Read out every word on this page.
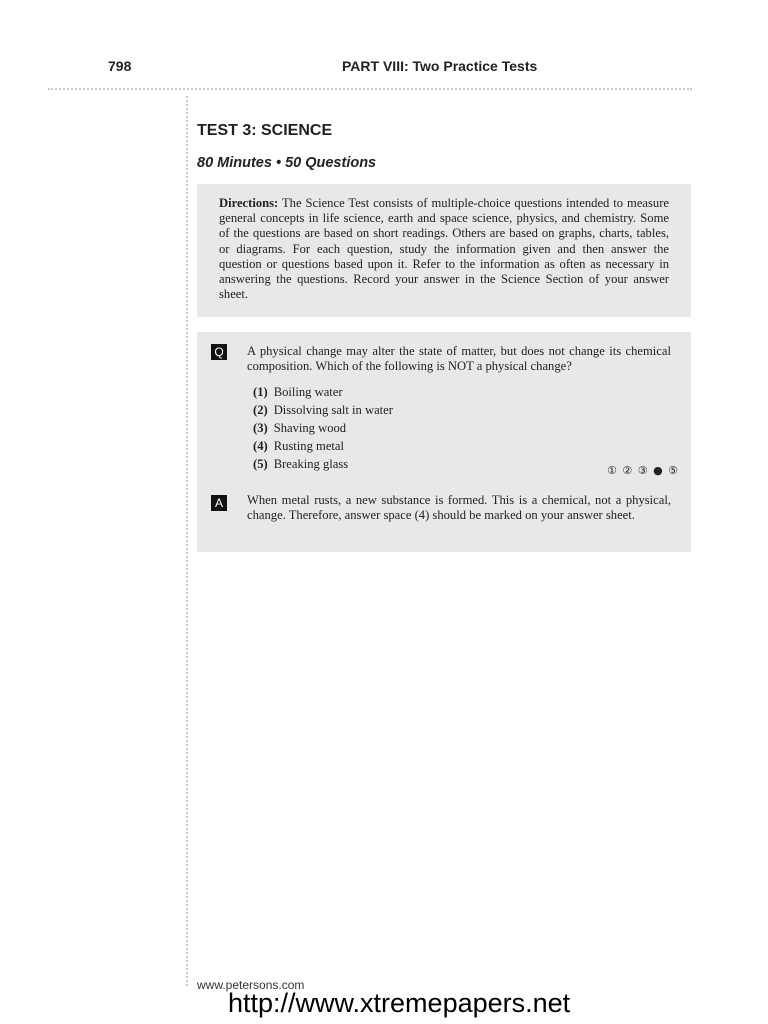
798	PART VIII: Two Practice Tests
TEST 3: SCIENCE
80 Minutes • 50 Questions

Directions: The Science Test consists of multiple-choice questions intended to measure general concepts in life science, earth and space science, physics, and chemistry. Some of the questions are based on short readings. Others are based on graphs, charts, tables, or diagrams. For each question, study the information given and then answer the question or questions based upon it. Refer to the information as often as necessary in answering the questions. Record your answer in the Science Section of your answer sheet.

Q A physical change may alter the state of matter, but does not change its chemical composition. Which of the following is NOT a physical change?

(1) Boiling water
(2) Dissolving salt in water
(3) Shaving wood
(4) Rusting metal
(5) Breaking glass	① ② ③ ● ⑤
A	When metal rusts, a new substance is formed. This is a chemical, not a physical, change. Therefore, answer space (4) should be marked on your answer sheet.

www.petersons.com
http://www.xtremepapers.net
